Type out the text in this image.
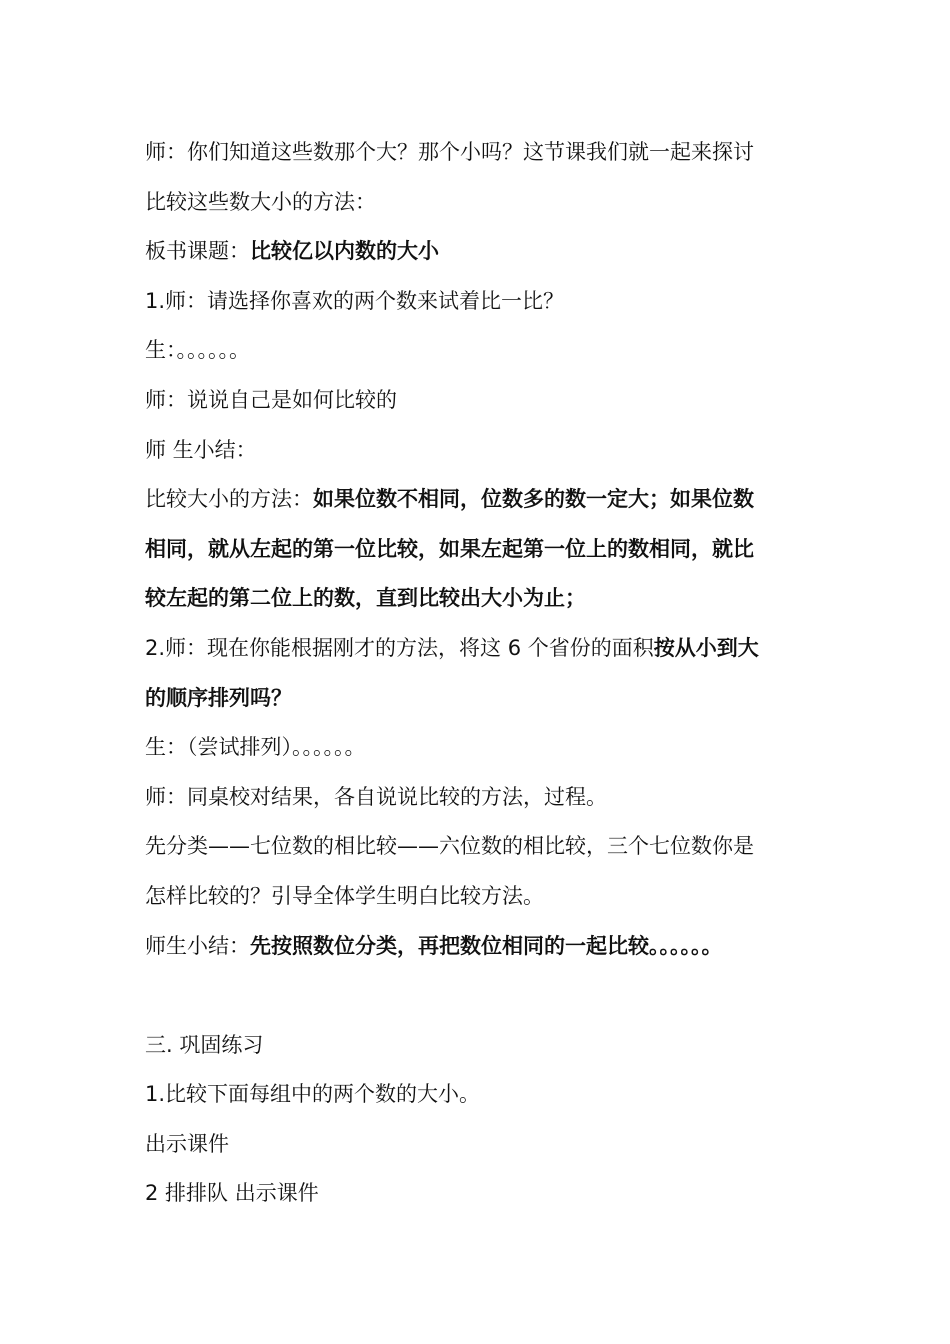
师：你们知道这些数那个大？那个小吗？这节课我们就一起来探讨

比较这些数大小的方法：

板书课题：比较亿以内数的大小

1.师：请选择你喜欢的两个数来试着比一比？

生：。。。。。。

师：说说自己是如何比较的

师 生小结：

比较大小的方法：如果位数不相同，位数多的数一定大；如果位数

相同，就从左起的第一位比较，如果左起第一位上的数相同，就比

较左起的第二位上的数，直到比较出大小为止；

2.师：现在你能根据刚才的方法，将这 6 个省份的面积按从小到大

的顺序排列吗？

生：（尝试排列）。。。。。。

师：同桌校对结果，各自说说比较的方法，过程。

先分类——七位数的相比较——六位数的相比较，三个七位数你是

怎样比较的？引导全体学生明白比较方法。

师生小结：先按照数位分类，再把数位相同的一起比较。。。。。。

三. 巩固练习

1.比较下面每组中的两个数的大小。

出示课件

2 排排队 出示课件
